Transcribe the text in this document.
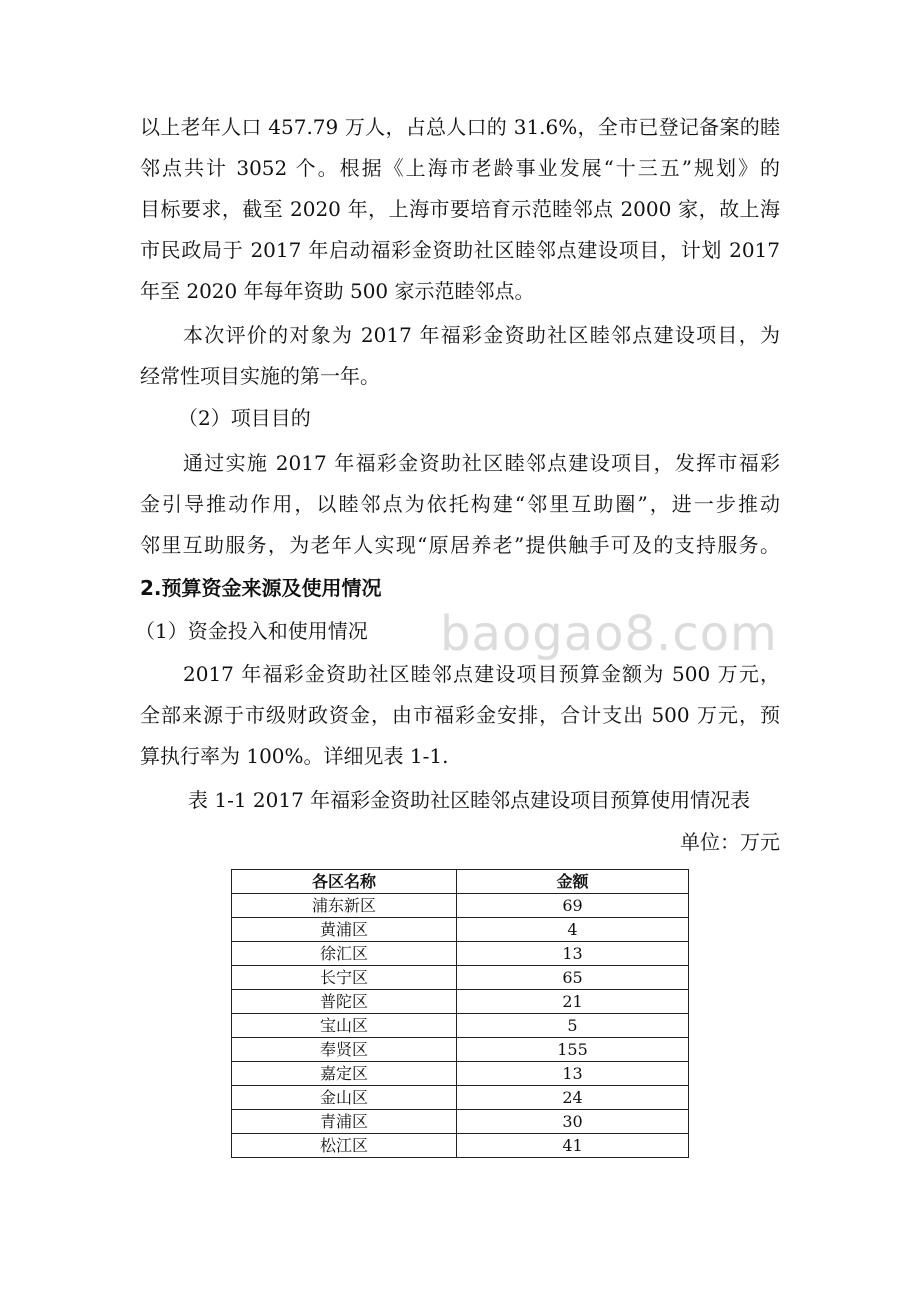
以上老年人口 457.79 万人，占总人口的 31.6%，全市已登记备案的睦
邻点共计 3052 个。根据《上海市老龄事业发展“十三五”规划》的
目标要求，截至 2020 年，上海市要培育示范睦邻点 2000 家，故上海
市民政局于 2017 年启动福彩金资助社区睦邻点建设项目，计划 2017
年至 2020 年每年资助 500 家示范睦邻点。
本次评价的对象为 2017 年福彩金资助社区睦邻点建设项目，为
经常性项目实施的第一年。
（2）项目目的
通过实施 2017 年福彩金资助社区睦邻点建设项目，发挥市福彩
金引导推动作用，以睦邻点为依托构建“邻里互助圈”，进一步推动
邻里互助服务，为老年人实现“原居养老”提供触手可及的支持服务。
2.预算资金来源及使用情况
（1）资金投入和使用情况
2017 年福彩金资助社区睦邻点建设项目预算金额为 500 万元，
全部来源于市级财政资金，由市福彩金安排，合计支出 500 万元，预
算执行率为 100%。详细见表 1-1.
表 1-1 2017 年福彩金资助社区睦邻点建设项目预算使用情况表
单位：万元
baogao8.com
各区名称	金额
浦东新区	69
黄浦区	4
徐汇区	13
长宁区	65
普陀区	21
宝山区	5
奉贤区	155
嘉定区	13
金山区	24
青浦区	30
松江区	41
